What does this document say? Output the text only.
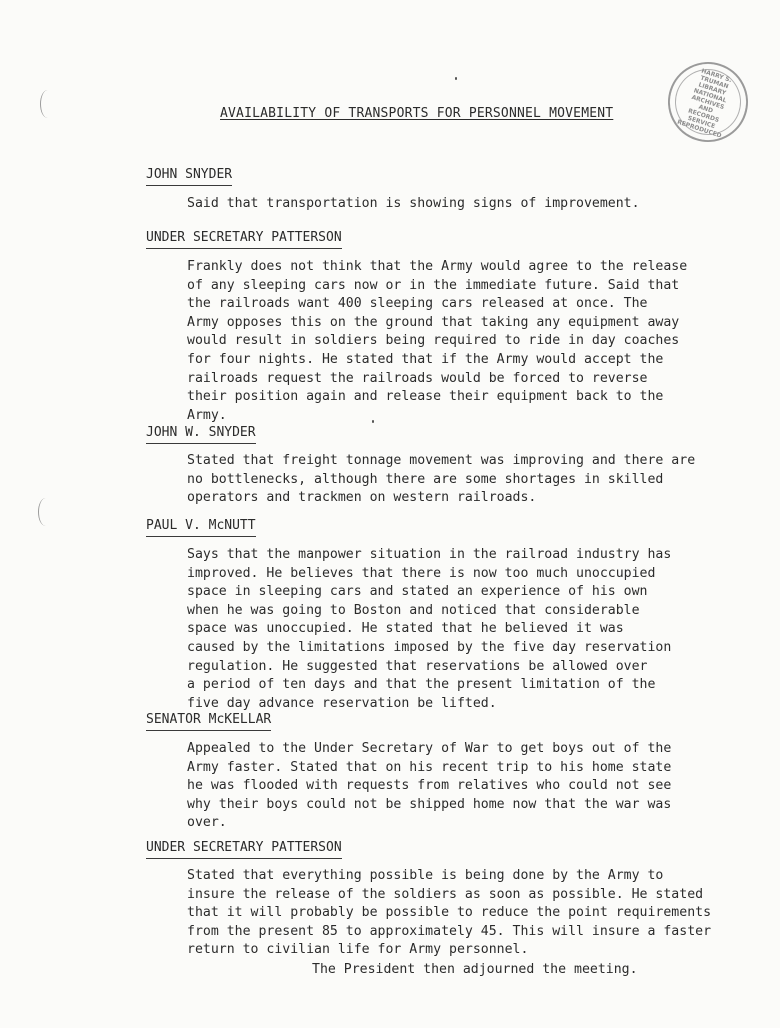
HARRY S. TRUMAN LIBRARY
NATIONAL ARCHIVES AND RECORDS SERVICE
REPRODUCED
AVAILABILITY OF TRANSPORTS FOR PERSONNEL MOVEMENT
JOHN SNYDER
Said that transportation is showing signs of improvement.
UNDER SECRETARY PATTERSON
Frankly does not think that the Army would agree to the release
of any sleeping cars now or in the immediate future. Said that
the railroads want 400 sleeping cars released at once. The
Army opposes this on the ground that taking any equipment away
would result in soldiers being required to ride in day coaches
for four nights. He stated that if the Army would accept the
railroads request the railroads would be forced to reverse
their position again and release their equipment back to the
Army.
JOHN W. SNYDER
Stated that freight tonnage movement was improving and there are
no bottlenecks, although there are some shortages in skilled
operators and trackmen on western railroads.
PAUL V. McNUTT
Says that the manpower situation in the railroad industry has
improved. He believes that there is now too much unoccupied
space in sleeping cars and stated an experience of his own
when he was going to Boston and noticed that considerable
space was unoccupied. He stated that he believed it was
caused by the limitations imposed by the five day reservation
regulation. He suggested that reservations be allowed over
a period of ten days and that the present limitation of the
five day advance reservation be lifted.
SENATOR McKELLAR
Appealed to the Under Secretary of War to get boys out of the
Army faster. Stated that on his recent trip to his home state
he was flooded with requests from relatives who could not see
why their boys could not be shipped home now that the war was
over.
UNDER SECRETARY PATTERSON
Stated that everything possible is being done by the Army to
insure the release of the soldiers as soon as possible. He stated
that it will probably be possible to reduce the point requirements
from the present 85 to approximately 45. This will insure a faster
return to civilian life for Army personnel.
The President then adjourned the meeting.
